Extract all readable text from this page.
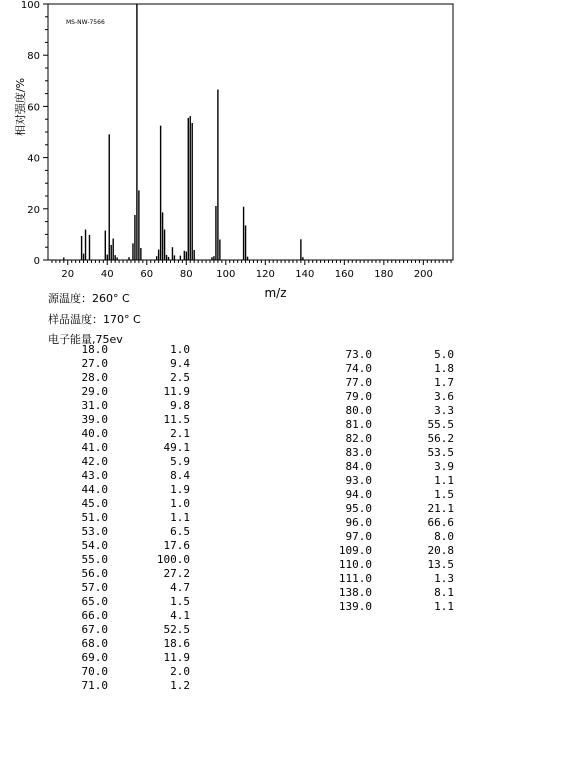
20	40	60	80 100 120 140 160 180 200
0
20
40
60
80
100
m/z
相对强度/%
MS-NW-7566
源温度：260° C
样品温度：170° C
电子能量,75ev
18.0	1.0
27.0	9.4
28.0	2.5
29.0	11.9
31.0	9.8
39.0	11.5
40.0	2.1
41.0	49.1
42.0	5.9
43.0	8.4
44.0	1.9
45.0	1.0
51.0	1.1
53.0	6.5
54.0	17.6
55.0	100.0
56.0	27.2
57.0	4.7
65.0	1.5
66.0	4.1
67.0	52.5
68.0	18.6
69.0	11.9
70.0	2.0
71.0	1.2
73.0	5.0
74.0	1.8
77.0	1.7
79.0	3.6
80.0	3.3
81.0	55.5
82.0	56.2
83.0	53.5
84.0	3.9
93.0	1.1
94.0	1.5
95.0	21.1
96.0	66.6
97.0	8.0
109.0	20.8
110.0	13.5
111.0	1.3
138.0	8.1
139.0	1.1
